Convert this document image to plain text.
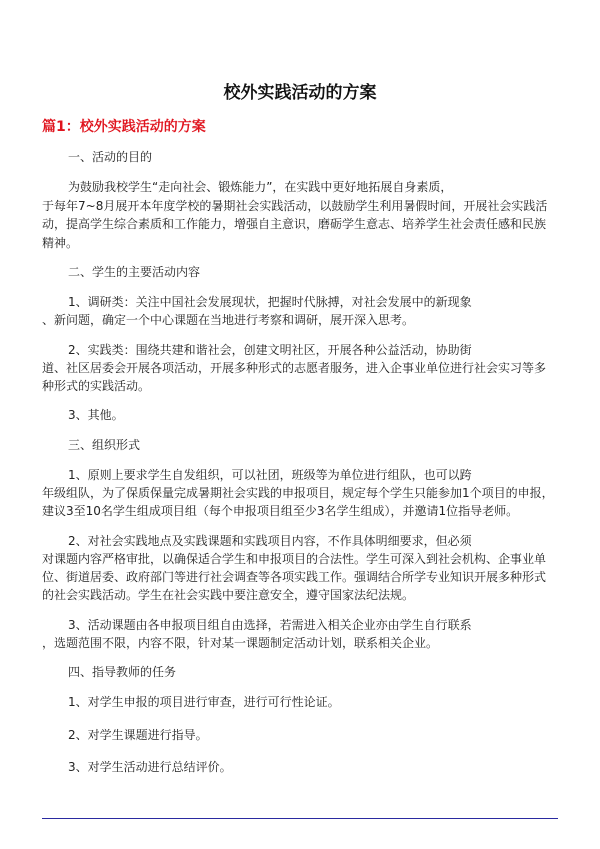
校外实践活动的方案
篇1：校外实践活动的方案

一、活动的目的

为鼓励我校学生“走向社会、锻炼能力”，在实践中更好地拓展自身素质，

于每年7~8月展开本年度学校的暑期社会实践活动，以鼓励学生利用暑假时间，开展社会实践活

动，提高学生综合素质和工作能力，增强自主意识，磨砺学生意志、培养学生社会责任感和民族

精神。

二、学生的主要活动内容

1、调研类：关注中国社会发展现状，把握时代脉搏，对社会发展中的新现象

、新问题，确定一个中心课题在当地进行考察和调研，展开深入思考。

2、实践类：围绕共建和谐社会，创建文明社区，开展各种公益活动，协助街

道、社区居委会开展各项活动，开展多种形式的志愿者服务，进入企事业单位进行社会实习等多

种形式的实践活动。

3、其他。

三、组织形式

1、原则上要求学生自发组织，可以社团，班级等为单位进行组队，也可以跨

年级组队，为了保质保量完成暑期社会实践的申报项目，规定每个学生只能参加1个项目的申报，

建议3至10名学生组成项目组（每个申报项目组至少3名学生组成），并邀请1位指导老师。

2、对社会实践地点及实践课题和实践项目内容，不作具体明细要求，但必须

对课题内容严格审批，以确保适合学生和申报项目的合法性。学生可深入到社会机构、企事业单

位、街道居委、政府部门等进行社会调查等各项实践工作。强调结合所学专业知识开展多种形式

的社会实践活动。学生在社会实践中要注意安全，遵守国家法纪法规。

3、活动课题由各申报项目组自由选择，若需进入相关企业亦由学生自行联系

，选题范围不限，内容不限，针对某一课题制定活动计划，联系相关企业。

四、指导教师的任务

1、对学生申报的项目进行审查，进行可行性论证。

2、对学生课题进行指导。

3、对学生活动进行总结评价。
